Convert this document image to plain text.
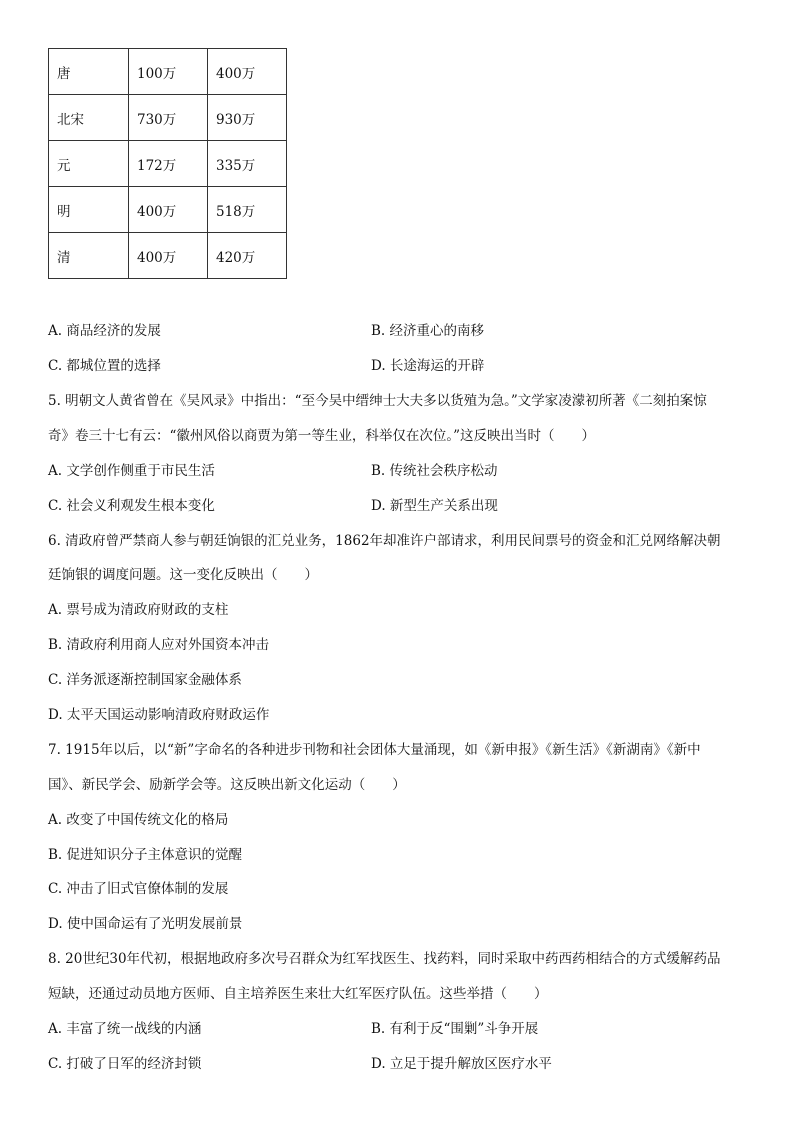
唐	100万	400万
北宋	730万	930万
元	172万	335万
明	400万	518万
清	400万	420万
A. 商品经济的发展	B. 经济重心的南移
C. 都城位置的选择	D. 长途海运的开辟
5. 明朝文人黄省曾在《吴风录》中指出：“至今吴中缙绅士大夫多以货殖为急。”文学家凌濛初所著《二刻拍案惊
奇》卷三十七有云：“徽州风俗以商贾为第一等生业，科举仅在次位。”这反映出当时（　　）
A. 文学创作侧重于市民生活	B. 传统社会秩序松动
C. 社会义利观发生根本变化	D. 新型生产关系出现
6. 清政府曾严禁商人参与朝廷饷银的汇兑业务，1862年却准许户部请求，利用民间票号的资金和汇兑网络解决朝
廷饷银的调度问题。这一变化反映出（　　）
A. 票号成为清政府财政的支柱
B. 清政府利用商人应对外国资本冲击
C. 洋务派逐渐控制国家金融体系
D. 太平天国运动影响清政府财政运作
7. 1915年以后，以“新”字命名的各种进步刊物和社会团体大量涌现，如《新申报》《新生活》《新湖南》《新中
国》、新民学会、励新学会等。这反映出新文化运动（　　）
A. 改变了中国传统文化的格局
B. 促进知识分子主体意识的觉醒
C. 冲击了旧式官僚体制的发展
D. 使中国命运有了光明发展前景
8. 20世纪30年代初，根据地政府多次号召群众为红军找医生、找药料，同时采取中药西药相结合的方式缓解药品
短缺，还通过动员地方医师、自主培养医生来壮大红军医疗队伍。这些举措（　　）
A. 丰富了统一战线的内涵	B. 有利于反“围剿”斗争开展
C. 打破了日军的经济封锁	D. 立足于提升解放区医疗水平
